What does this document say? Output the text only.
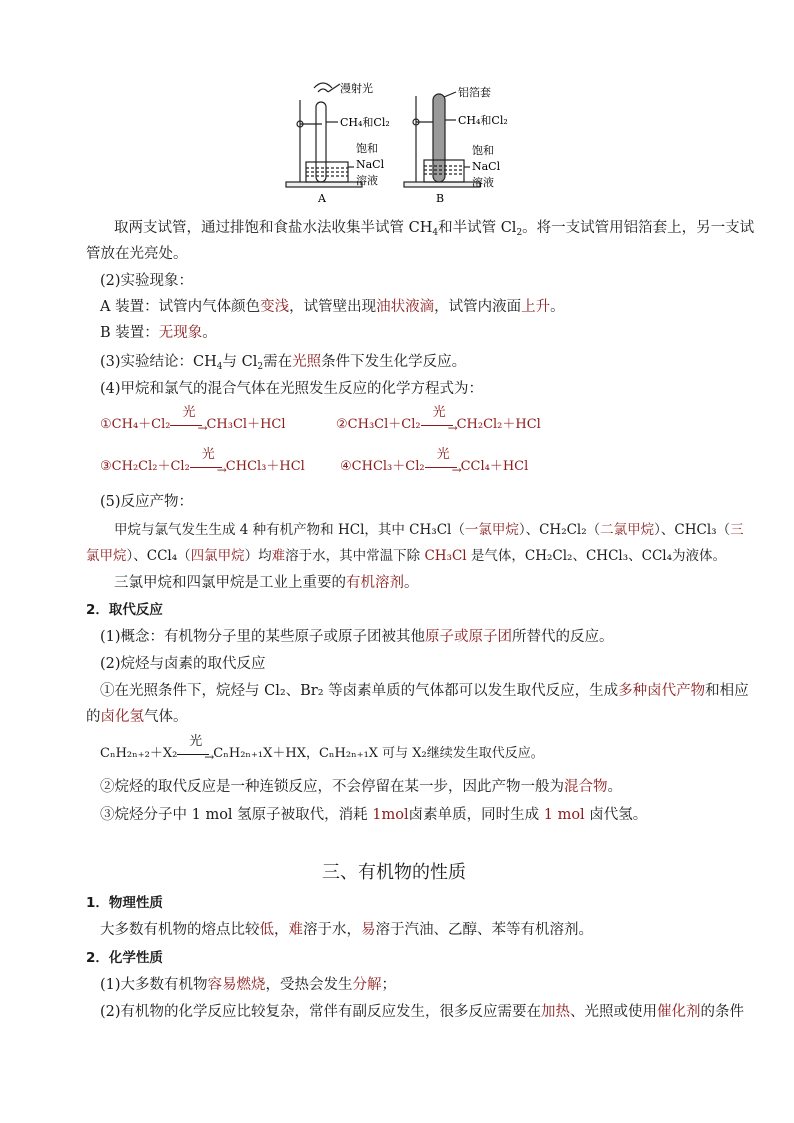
漫射光
CH₄和Cl₂
饱和
NaCl
溶液
A
铝箔套
CH₄和Cl₂
饱和
NaCl
溶液
B
取两支试管，通过排饱和食盐水法收集半试管 $CH_4$和半试管 $Cl_2$。将一支试管用铝箔套上，另一支试
管放在光亮处。
(2)实验现象：
A 装置：试管内气体颜色变浅，试管壁出现油状液滴，试管内液面上升。
B 装置：无现象。
(3)实验结论：$CH_4$与 $Cl_2$需在光照条件下发生化学反应。
(4)甲烷和氯气的混合气体在光照发生反应的化学方程式为：
①CH₄＋Cl₂
光
→
CH₃Cl＋HCl	②CH₃Cl＋Cl₂
光
→
CH₂Cl₂＋HCl
③CH₂Cl₂＋Cl₂
光
→
CHCl₃＋HCl	④CHCl₃＋Cl₂
光
→
CCl₄＋HCl
(5)反应产物：
甲烷与氯气发生生成 4 种有机产物和 HCl，其中 CH₃Cl（一氯甲烷）、CH₂Cl₂（二氯甲烷）、CHCl₃（三
氯甲烷）、CCl₄（四氯甲烷）均难溶于水，其中常温下除 CH₃Cl 是气体，CH₂Cl₂、CHCl₃、CCl₄为液体。
三氯甲烷和四氯甲烷是工业上重要的有机溶剂。
2．取代反应
(1)概念：有机物分子里的某些原子或原子团被其他原子或原子团所替代的反应。
(2)烷烃与卤素的取代反应
①在光照条件下，烷烃与 Cl₂、Br₂ 等卤素单质的气体都可以发生取代反应，生成多种卤代产物和相应
的卤化氢气体。
CₙH₂ₙ₊₂＋X₂
光
→
CₙH₂ₙ₊₁X＋HX，CₙH₂ₙ₊₁X 可与 X₂继续发生取代反应。
②烷烃的取代反应是一种连锁反应，不会停留在某一步，因此产物一般为混合物。
③烷烃分子中 1 mol 氢原子被取代，消耗 1mol卤素单质，同时生成 1 mol 卤代氢。
三、有机物的性质
1．物理性质
大多数有机物的熔点比较低，难溶于水，易溶于汽油、乙醇、苯等有机溶剂。
2．化学性质
(1)大多数有机物容易燃烧，受热会发生分解；
(2)有机物的化学反应比较复杂，常伴有副反应发生，很多反应需要在加热、光照或使用催化剂的条件
